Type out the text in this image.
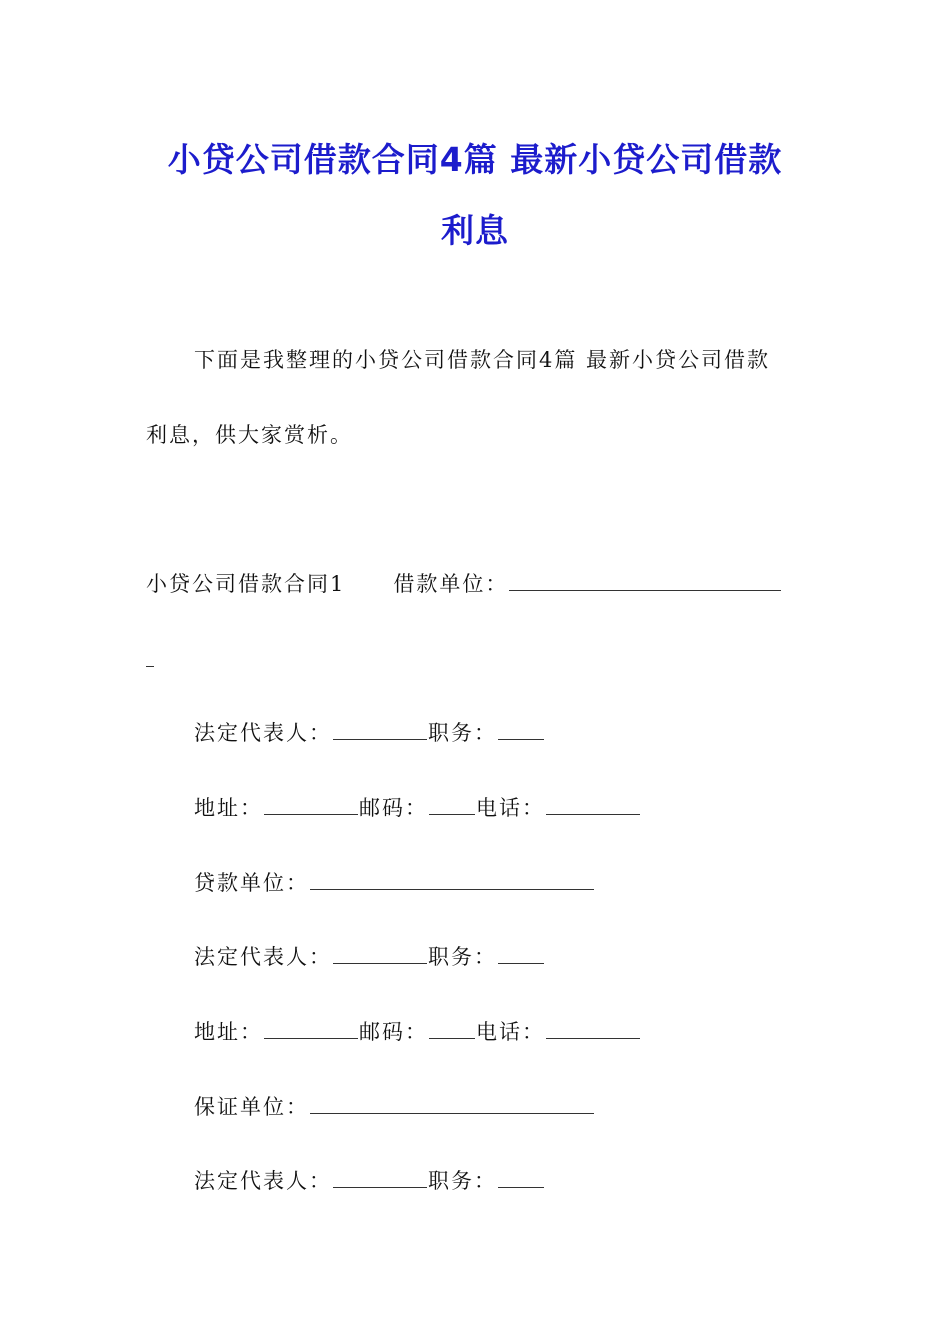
小贷公司借款合同4篇 最新小贷公司借款
利息
下面是我整理的小贷公司借款合同4篇 最新小贷公司借款
利息，供大家赏析。
小贷公司借款合同1 借款单位：
法定代表人：	职务：
地址：	邮码： 电话：
贷款单位：
法定代表人：	职务：
地址：	邮码： 电话：
保证单位：
法定代表人：	职务：
